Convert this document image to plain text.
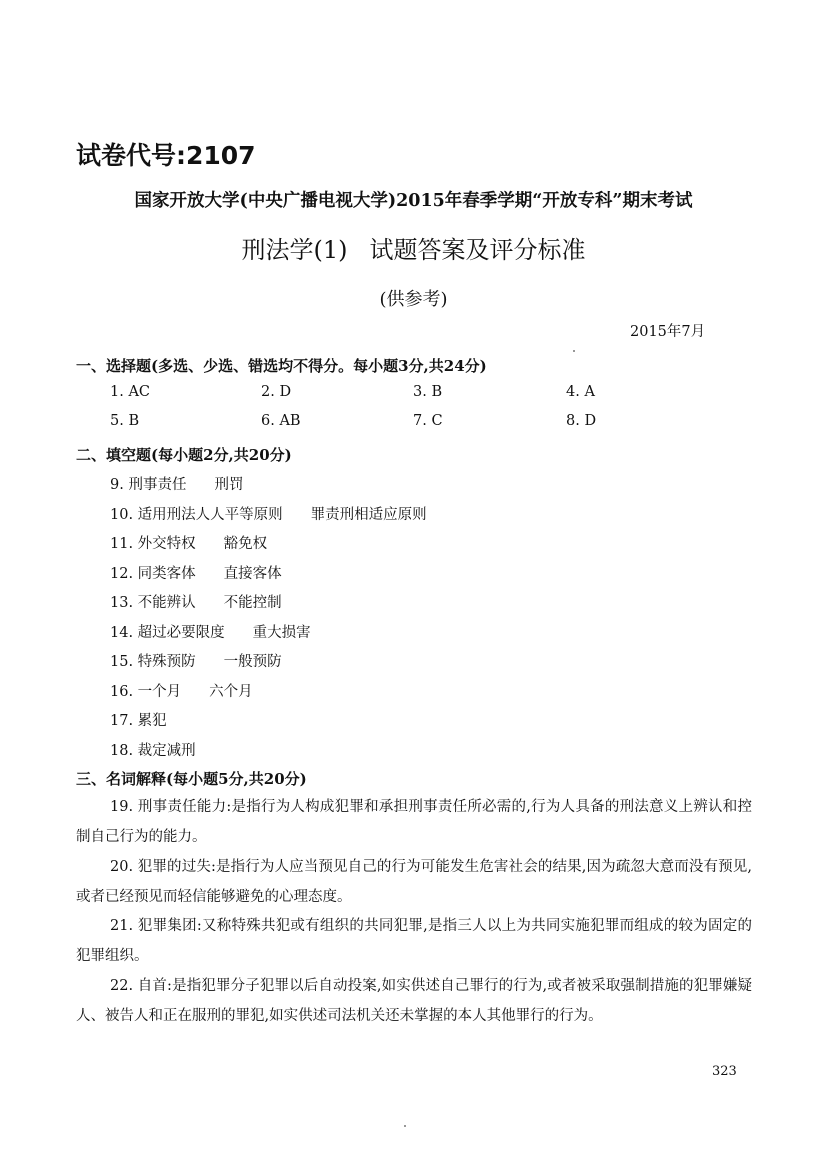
试卷代号:2107
国家开放大学(中央广播电视大学)2015年春季学期“开放专科”期末考试
刑法学(1) 试题答案及评分标准
(供参考)
2015年7月
一、选择题(多选、少选、错选均不得分。每小题3分,共24分)
1. AC	2. D	3. B	4. A
5. B	6. AB	7. C	8. D
二、填空题(每小题2分,共20分)
9. 刑事责任 刑罚
10. 适用刑法人人平等原则 罪责刑相适应原则
11. 外交特权 豁免权
12. 同类客体 直接客体
13. 不能辨认 不能控制
14. 超过必要限度 重大损害
15. 特殊预防 一般预防
16. 一个月 六个月
17. 累犯
18. 裁定减刑
三、名词解释(每小题5分,共20分)
19. 刑事责任能力:是指行为人构成犯罪和承担刑事责任所必需的,行为人具备的刑法意义上辨认和控制自己行为的能力。
20. 犯罪的过失:是指行为人应当预见自己的行为可能发生危害社会的结果,因为疏忽大意而没有预见,或者已经预见而轻信能够避免的心理态度。
21. 犯罪集团:又称特殊共犯或有组织的共同犯罪,是指三人以上为共同实施犯罪而组成的较为固定的犯罪组织。
22. 自首:是指犯罪分子犯罪以后自动投案,如实供述自己罪行的行为,或者被采取强制措施的犯罪嫌疑人、被告人和正在服刑的罪犯,如实供述司法机关还未掌握的本人其他罪行的行为。
323
